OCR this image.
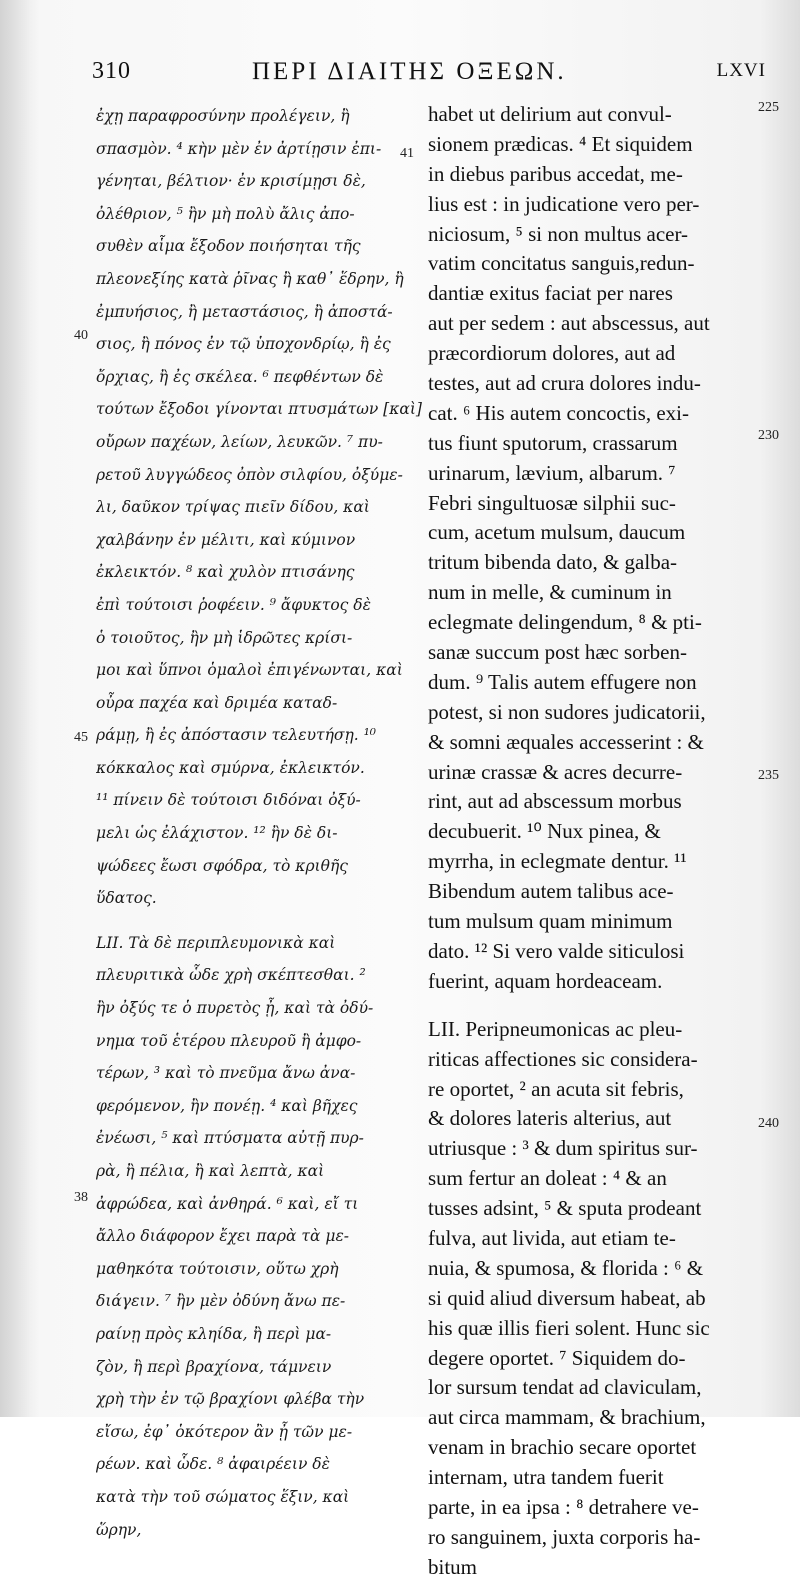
310	ΠΕΡΙ ΔΙΑΙΤΗΣ ΟΞΕΩΝ.	LXVI
ἐχῃ παραφροσύνην προλέγειν, ἢ
σπασμὸν. ⁴ κὴν μὲν ἐν ἀρτίῃσιν ἐπι-
γένηται, βέλτιον· ἐν κρισίμῃσι δὲ,
ὀλέθριον, ⁵ ἢν μὴ πολὺ ἄλις ἀπο-
συθὲν αἷμα ἔξοδον ποιήσηται τῆς
πλεονεξίης κατὰ ῥῖνας ἢ καθ᾽ ἕδρην, ἢ
ἐμπυήσιος, ἢ μεταστάσιος, ἢ ἀποστά-
σιος, ἢ πόνος ἐν τῷ ὑποχονδρίῳ, ἢ ἐς
ὄρχιας, ἢ ἐς σκέλεα. ⁶ πεφθέντων δὲ
τούτων ἔξοδοι γίνονται πτυσμάτων [καὶ]
οὔρων παχέων, λείων, λευκῶν. ⁷ πυ-
ρετοῦ λυγγώδεος ὀπὸν σιλφίου, ὀξύμε-
λι, δαῦκον τρίψας πιεῖν δίδου, καὶ
χαλβάνην ἐν μέλιτι, καὶ κύμινον
ἐκλεικτόν. ⁸ καὶ χυλὸν πτισάνης
ἐπὶ τούτοισι ῥοφέειν. ⁹ ἄφυκτος δὲ
ὁ τοιοῦτος, ἢν μὴ ἱδρῶτες κρίσι-
μοι καὶ ὕπνοι ὁμαλοὶ ἐπιγένωνται, καὶ
οὖρα παχέα καὶ δριμέα καταδ-
ράμῃ, ἢ ἐς ἀπόστασιν τελευτήσῃ. ¹⁰
κόκκαλος καὶ σμύρνα, ἐκλεικτόν.
¹¹ πίνειν δὲ τούτοισι διδόναι ὀξύ-
μελι ὡς ἐλάχιστον. ¹² ἢν δὲ δι-
ψώδεες ἔωσι σφόδρα, τὸ κριθῆς
ὕδατος.
LII. Τὰ δὲ περιπλευμονικὰ καὶ
πλευριτικὰ ὧδε χρὴ σκέπτεσθαι. ²
ἢν ὀξύς τε ὁ πυρετὸς ᾖ, καὶ τὰ ὀδύ-
νημα τοῦ ἑτέρου πλευροῦ ἢ ἀμφο-
τέρων, ³ καὶ τὸ πνεῦμα ἄνω ἀνα-
φερόμενον, ἢν πονέῃ. ⁴ καὶ βῆχες
ἐνέωσι, ⁵ καὶ πτύσματα αὐτῇ πυρ-
ρὰ, ἢ πέλια, ἢ καὶ λεπτὰ, καὶ
ἀφρώδεα, καὶ ἀνθηρά. ⁶ καὶ, εἴ τι
ἄλλο διάφορον ἔχει παρὰ τὰ με-
μαθηκότα τούτοισιν, οὕτω χρὴ
διάγειν. ⁷ ἢν μὲν ὀδύνη ἄνω πε-
ραίνῃ πρὸς κληίδα, ἢ περὶ μα-
ζὸν, ἢ περὶ βραχίονα, τάμνειν
χρὴ τὴν ἐν τῷ βραχίονι φλέβα τὴν
εἴσω, ἐφ᾽ ὁκότερον ἂν ᾖ τῶν με-
ρέων. καὶ ὧδε. ⁸ ἀφαιρέειν δὲ
κατὰ τὴν τοῦ σώματος ἕξιν, καὶ
ὥρην,
habet ut delirium aut convul-
sionem prædicas. ⁴ Et siquidem
in diebus paribus accedat, me-
lius est : in judicatione vero per-
niciosum, ⁵ si non multus acer-
vatim concitatus sanguis,redun-
dantiæ exitus faciat per nares
aut per sedem : aut abscessus, aut
præcordiorum dolores, aut ad
testes, aut ad crura dolores indu-
cat. ⁶ His autem concoctis, exi-
tus fiunt sputorum, crassarum
urinarum, lævium, albarum. ⁷
Febri singultuosæ silphii suc-
cum, acetum mulsum, daucum
tritum bibenda dato, & galba-
num in melle, & cuminum in
eclegmate delingendum, ⁸ & pti-
sanæ succum post hæc sorben-
dum. ⁹ Talis autem effugere non
potest, si non sudores judicatorii,
& somni æquales accesserint : &
urinæ crassæ & acres decurre-
rint, aut ad abscessum morbus
decubuerit. ¹⁰ Nux pinea, &
myrrha, in eclegmate dentur. ¹¹
Bibendum autem talibus ace-
tum mulsum quam minimum
dato. ¹² Si vero valde siticulosi
fuerint, aquam hordeaceam.
LII. Peripneumonicas ac pleu-
riticas affectiones sic considera-
re oportet, ² an acuta sit febris,
& dolores lateris alterius, aut
utriusque : ³ & dum spiritus sur-
sum fertur an doleat : ⁴ & an
tusses adsint, ⁵ & sputa prodeant
fulva, aut livida, aut etiam te-
nuia, & spumosa, & florida : ⁶ &
si quid aliud diversum habeat, ab
his quæ illis fieri solent. Hunc sic
degere oportet. ⁷ Siquidem do-
lor sursum tendat ad claviculam,
aut circa mammam, & brachium,
venam in brachio secare oportet
internam, utra tandem fuerit
parte, in ea ipsa : ⁸ detrahere ve-
ro sanguinem, juxta corporis ha-
bitum
41
40
45
38
225
230
235
240
